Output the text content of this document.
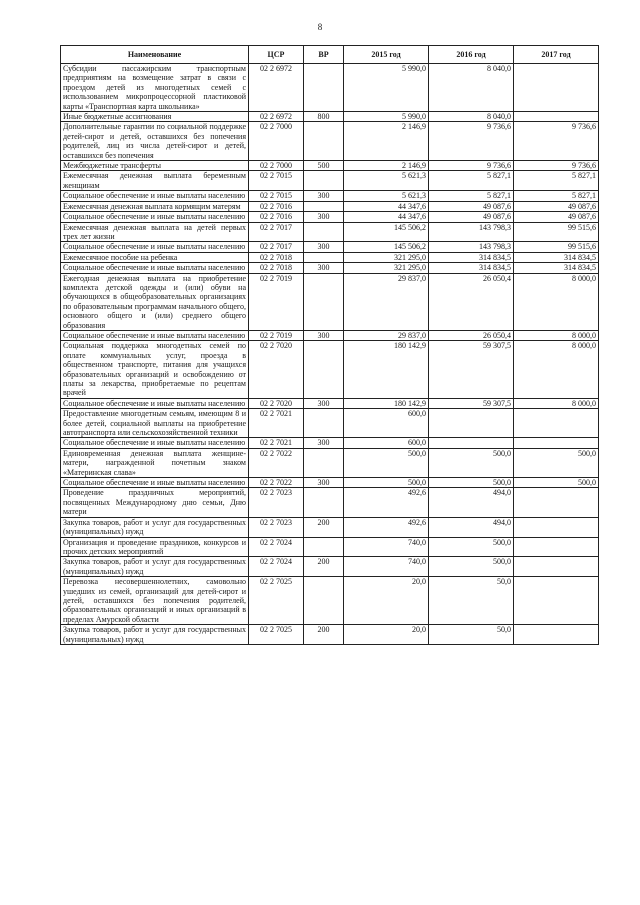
8
Наименование	ЦСР	ВР	2015 год	2016 год	2017 год
Субсидии пассажирским транспортным предприятиям на возмещение затрат в связи с проездом детей из многодетных семей с использованием микропроцессорной пластиковой карты «Транспортная карта школьника»	02 2 6972		5 990,0	8 040,0	
Иные бюджетные ассигнования	02 2 6972	800	5 990,0	8 040,0	
Дополнительные гарантии по социальной поддержке детей-сирот и детей, оставшихся без попечения родителей, лиц из числа детей-сирот и детей, оставшихся без попечения	02 2 7000		2 146,9	9 736,6	9 736,6
Межбюджетные трансферты	02 2 7000	500	2 146,9	9 736,6	9 736,6
Ежемесячная денежная выплата беременным женщинам	02 2 7015		5 621,3	5 827,1	5 827,1
Социальное обеспечение и иные выплаты населению	02 2 7015	300	5 621,3	5 827,1	5 827,1
Ежемесячная денежная выплата кормящим матерям	02 2 7016		44 347,6	49 087,6	49 087,6
Социальное обеспечение и иные выплаты населению	02 2 7016	300	44 347,6	49 087,6	49 087,6
Ежемесячная денежная выплата на детей первых трех лет жизни	02 2 7017		145 506,2	143 798,3	99 515,6
Социальное обеспечение и иные выплаты населению	02 2 7017	300	145 506,2	143 798,3	99 515,6
Ежемесячное пособие на ребенка	02 2 7018		321 295,0	314 834,5	314 834,5
Социальное обеспечение и иные выплаты населению	02 2 7018	300	321 295,0	314 834,5	314 834,5
Ежегодная денежная выплата на приобретение комплекта детской одежды и (или) обуви на обучающихся в общеобразовательных организациях по образовательным программам начального общего, основного общего и (или) среднего общего образования	02 2 7019		29 837,0	26 050,4	8 000,0
Социальное обеспечение и иные выплаты населению	02 2 7019	300	29 837,0	26 050,4	8 000,0
Социальная поддержка многодетных семей по оплате коммунальных услуг, проезда в общественном транспорте, питания для учащихся образовательных организаций и освобождению от платы за лекарства, приобретаемые по рецептам врачей	02 2 7020		180 142,9	59 307,5	8 000,0
Социальное обеспечение и иные выплаты населению	02 2 7020	300	180 142,9	59 307,5	8 000,0
Предоставление многодетным семьям, имеющим 8 и более детей, социальной выплаты на приобретение автотранспорта или сельскохозяйственной техники	02 2 7021		600,0		
Социальное обеспечение и иные выплаты населению	02 2 7021	300	600,0		
Единовременная денежная выплата женщине-матери, награжденной почетным знаком «Материнская слава»	02 2 7022		500,0	500,0	500,0
Социальное обеспечение и иные выплаты населению	02 2 7022	300	500,0	500,0	500,0
Проведение праздничных мероприятий, посвященных Международному дню семьи, Дню матери	02 2 7023		492,6	494,0	
Закупка товаров, работ и услуг для государственных (муниципальных) нужд	02 2 7023	200	492,6	494,0	
Организация и проведение праздников, конкурсов и прочих детских мероприятий	02 2 7024		740,0	500,0	
Закупка товаров, работ и услуг для государственных (муниципальных) нужд	02 2 7024	200	740,0	500,0	
Перевозка несовершеннолетних, самовольно ушедших из семей, организаций для детей-сирот и детей, оставшихся без попечения родителей, образовательных организаций и иных организаций в пределах Амурской области	02 2 7025		20,0	50,0	
Закупка товаров, работ и услуг для государственных (муниципальных) нужд	02 2 7025	200	20,0	50,0	
